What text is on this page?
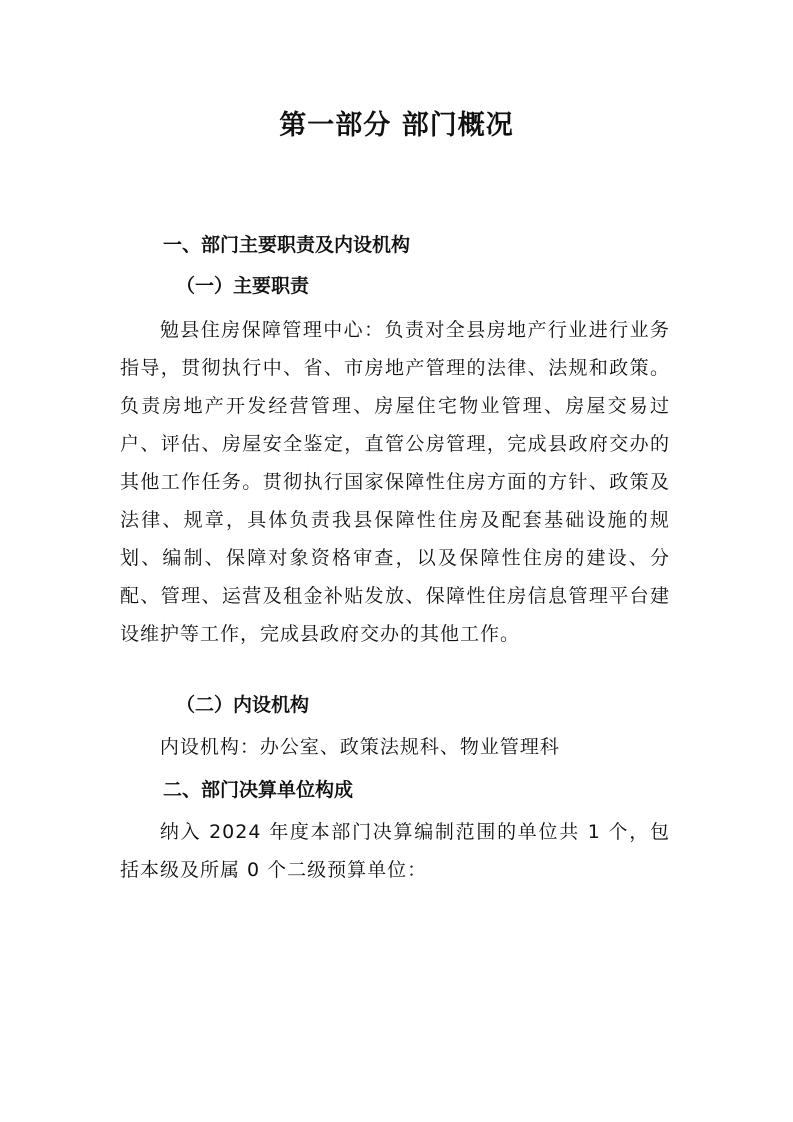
第一部分 部门概况
一、部门主要职责及内设机构
（一）主要职责

勉县住房保障管理中心：负责对全县房地产行业进行业务指导，贯彻执行中、省、市房地产管理的法律、法规和政策。负责房地产开发经营管理、房屋住宅物业管理、房屋交易过户、评估、房屋安全鉴定，直管公房管理，完成县政府交办的其他工作任务。贯彻执行国家保障性住房方面的方针、政策及法律、规章，具体负责我县保障性住房及配套基础设施的规划、编制、保障对象资格审查，以及保障性住房的建设、分配、管理、运营及租金补贴发放、保障性住房信息管理平台建设维护等工作，完成县政府交办的其他工作。

（二）内设机构

内设机构：办公室、政策法规科、物业管理科

二、部门决算单位构成

纳入 2024 年度本部门决算编制范围的单位共 1 个，包括本级及所属 0 个二级预算单位：
